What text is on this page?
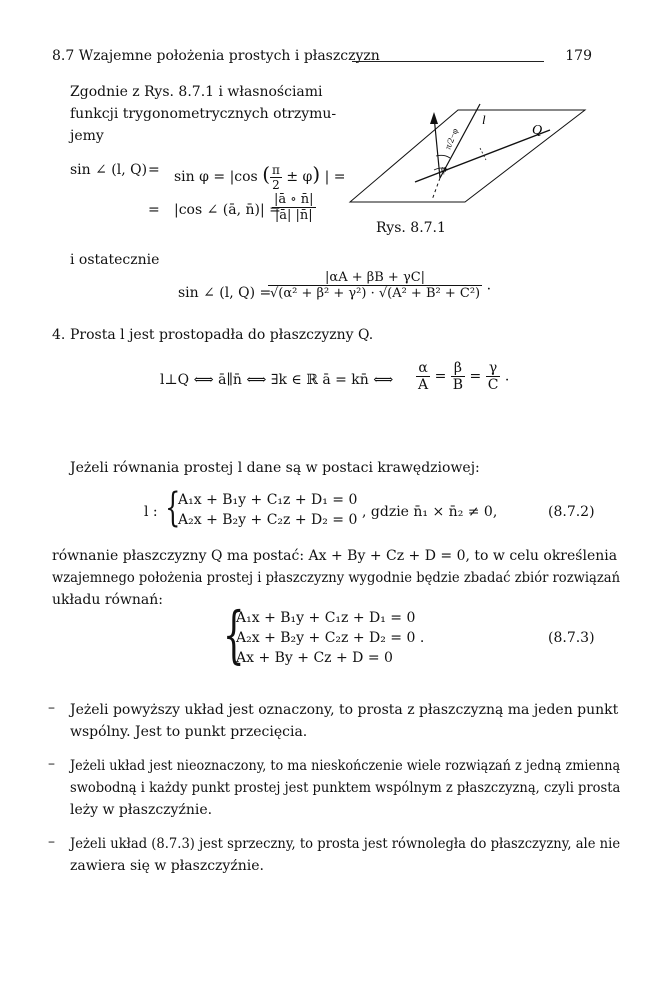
8.7 Wzajemne położenia prostych i płaszczyzn	179
Zgodnie z Rys. 8.7.1 i własnościami
funkcji trygonometrycznych otrzymu-
jemy
sin ∠ (l, Q) = sin φ = |cos ( $\frac{\pi}{2} \pm \varphi$) | =
= |cos ∠ (ā, n̄)| =
$\frac{|ā \circ n̄|}{|ā| |n̄|}$
l
Q
φ
π/2−φ
Rys. 8.7.1
i ostatecznie
sin ∠ (l, Q) =
$\frac{|\alpha A + \beta B + \gamma C|}{\text{√(α² + β² + γ²) · √(A² + B² + C²)}}$ .
4. Prosta l jest prostopadła do płaszczyzny Q.
l⊥Q ⟺ ā∥n̄ ⟺ ∃k ∈ ℝ ā = kn̄ ⟺ $\frac{\alpha}{A} = \frac{\beta}{B} = \frac{\gamma}{C}$ .
Jeżeli równania prostej l dane są w postaci krawędziowej:
l : {
A₁x + B₁y + C₁z + D₁ = 0
A₂x + B₂y + C₂z + D₂ = 0 , gdzie n̄₁ × n̄₂ ≠ 0,	(8.7.2)
równanie płaszczyzny Q ma postać: Ax + By + Cz + D = 0, to w celu określenia
wzajemnego położenia prostej i płaszczyzny wygodnie będzie zbadać zbiór rozwiązań
układu równań: {
A₁x + B₁y + C₁z + D₁ = 0
A₂x + B₂y + C₂z + D₂ = 0 .
Ax + By + Cz + D = 0
(8.7.3)
– Jeżeli powyższy układ jest oznaczony, to prosta z płaszczyzną ma jeden punkt
wspólny. Jest to punkt przecięcia.
– Jeżeli układ jest nieoznaczony, to ma nieskończenie wiele rozwiązań z jedną zmienną
swobodną i każdy punkt prostej jest punktem wspólnym z płaszczyzną, czyli prosta
leży w płaszczyźnie.
– Jeżeli układ (8.7.3) jest sprzeczny, to prosta jest równoległa do płaszczyzny, ale nie
zawiera się w płaszczyźnie.
